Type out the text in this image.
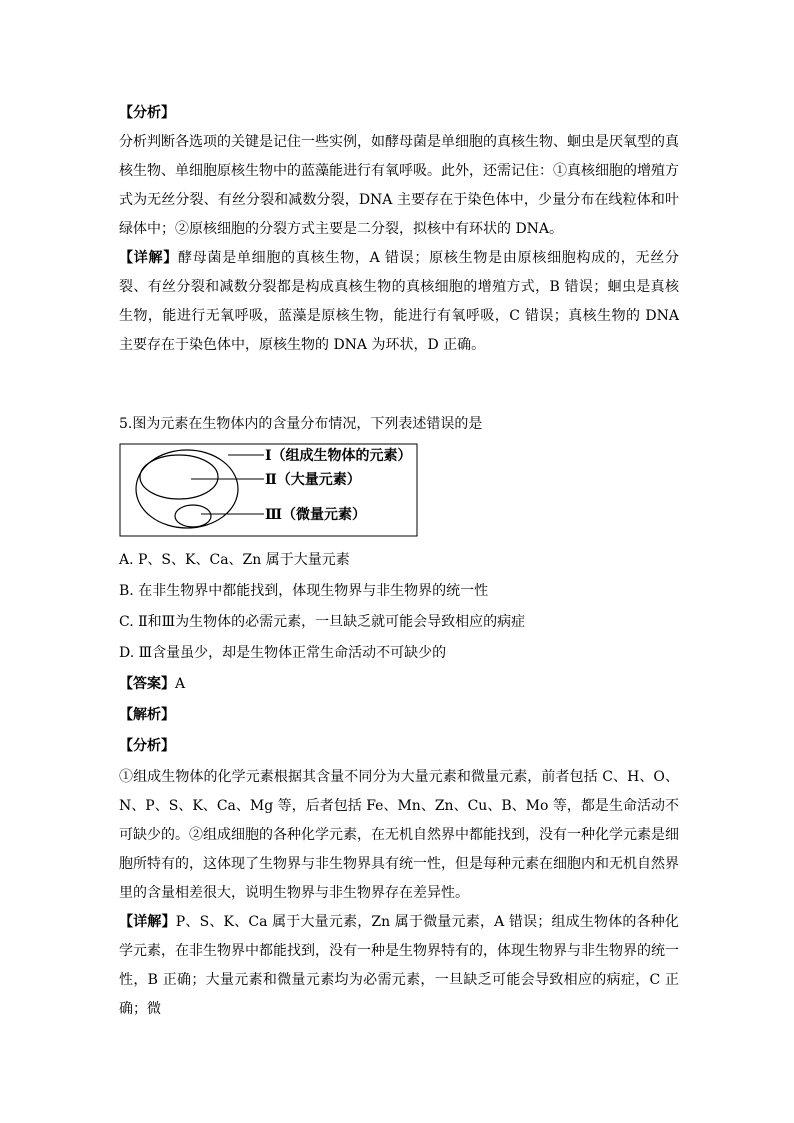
【分析】

分析判断各选项的关键是记住一些实例，如酵母菌是单细胞的真核生物、蛔虫是厌氧型的真核生物、单细胞原核生物中的蓝藻能进行有氧呼吸。此外，还需记住：①真核细胞的增殖方式为无丝分裂、有丝分裂和减数分裂，DNA 主要存在于染色体中，少量分布在线粒体和叶绿体中；②原核细胞的分裂方式主要是二分裂，拟核中有环状的 DNA。

【详解】酵母菌是单细胞的真核生物，A 错误；原核生物是由原核细胞构成的，无丝分裂、有丝分裂和减数分裂都是构成真核生物的真核细胞的增殖方式，B 错误；蛔虫是真核生物，能进行无氧呼吸，蓝藻是原核生物，能进行有氧呼吸，C 错误；真核生物的 DNA 主要存在于染色体中，原核生物的 DNA 为环状，D 正确。

5.图为元素在生物体内的含量分布情况，下列表述错误的是

Ⅰ（组成生物体的元素）
Ⅱ（大量元素）
Ⅲ（微量元素）

A. P、S、K、Ca、Zn 属于大量元素

B. 在非生物界中都能找到，体现生物界与非生物界的统一性

C. Ⅱ和Ⅲ为生物体的必需元素，一旦缺乏就可能会导致相应的病症

D. Ⅲ含量虽少，却是生物体正常生命活动不可缺少的

【答案】A

【解析】

【分析】

①组成生物体的化学元素根据其含量不同分为大量元素和微量元素，前者包括 C、H、O、N、P、S、K、Ca、Mg 等，后者包括 Fe、Mn、Zn、Cu、B、Mo 等，都是生命活动不可缺少的。②组成细胞的各种化学元素，在无机自然界中都能找到，没有一种化学元素是细胞所特有的，这体现了生物界与非生物界具有统一性，但是每种元素在细胞内和无机自然界里的含量相差很大，说明生物界与非生物界存在差异性。

【详解】P、S、K、Ca 属于大量元素，Zn 属于微量元素，A 错误；组成生物体的各种化学元素，在非生物界中都能找到，没有一种是生物界特有的，体现生物界与非生物界的统一性，B 正确；大量元素和微量元素均为必需元素，一旦缺乏可能会导致相应的病症，C 正确；微
